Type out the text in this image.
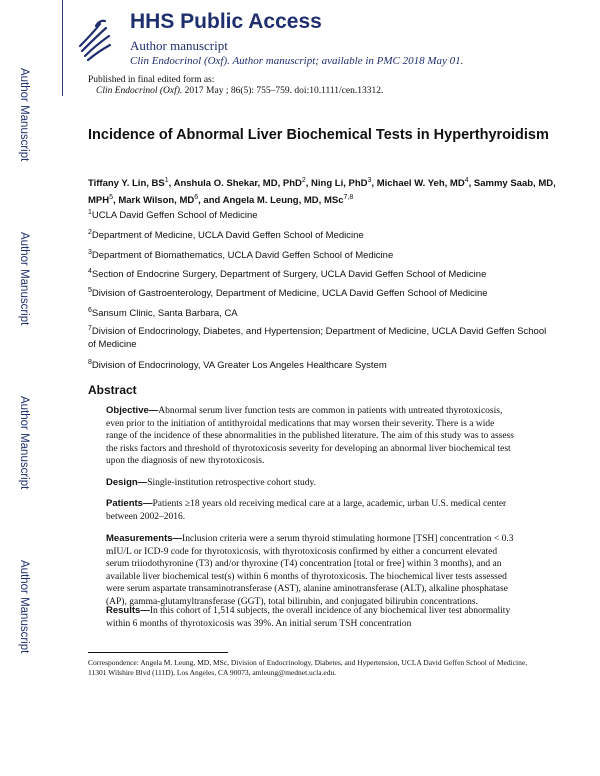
Author Manuscript
Author Manuscript
Author Manuscript
Author Manuscript
HHS Public Access
Author manuscript
Clin Endocrinol (Oxf). Author manuscript; available in PMC 2018 May 01.
Published in final edited form as:
Clin Endocrinol (Oxf). 2017 May ; 86(5): 755–759. doi:10.1111/cen.13312.
Incidence of Abnormal Liver Biochemical Tests in Hyperthyroidism
Tiffany Y. Lin, $BS^1$, Anshula O. Shekar, MD, PhD$^2$, Ning Li, PhD$^3$, Michael W. Yeh, $MD^4$, Sammy Saab, MD, MPH$^5$, Mark Wilson, $MD^6$, and Angela M. Leung, MD, MSc$^{7,8}$
$^1$UCLA David Geffen School of Medicine
$^2$Department of Medicine, UCLA David Geffen School of Medicine
$^3$Department of Biomathematics, UCLA David Geffen School of Medicine
$^4$Section of Endocrine Surgery, Department of Surgery, UCLA David Geffen School of Medicine
$^5$Division of Gastroenterology, Department of Medicine, UCLA David Geffen School of Medicine
$^6$Sansum Clinic, Santa Barbara, CA
$^7$Division of Endocrinology, Diabetes, and Hypertension; Department of Medicine, UCLA David Geffen School of Medicine
$^8$Division of Endocrinology, VA Greater Los Angeles Healthcare System
Abstract
Objective—Abnormal serum liver function tests are common in patients with untreated thyrotoxicosis, even prior to the initiation of antithyroidal medications that may worsen their severity. There is a wide range of the incidence of these abnormalities in the published literature. The aim of this study was to assess the risks factors and threshold of thyrotoxicosis severity for developing an abnormal liver biochemical test upon the diagnosis of new thyrotoxicosis.
Design—Single-institution retrospective cohort study.
Patients—Patients ≥18 years old receiving medical care at a large, academic, urban U.S. medical center between 2002–2016.
Measurements—Inclusion criteria were a serum thyroid stimulating hormone [TSH] concentration < 0.3 mIU/L or ICD-9 code for thyrotoxicosis, with thyrotoxicosis confirmed by either a concurrent elevated serum triiodothyronine (T3) and/or thyroxine (T4) concentration [total or free] within 3 months), and an available liver biochemical test(s) within 6 months of thyrotoxicosis. The biochemical liver tests assessed were serum aspartate transaminotransferase (AST), alanine aminotransferase (ALT), alkaline phosphatase (AP), gamma-glutamyltransferase (GGT), total bilirubin, and conjugated bilirubin concentrations.
Results—In this cohort of 1,514 subjects, the overall incidence of any biochemical liver test abnormality within 6 months of thyrotoxicosis was 39%. An initial serum TSH concentration
Correspondence: Angela M. Leung, MD, MSc, Division of Endocrinology, Diabetes, and Hypertension, UCLA David Geffen School of Medicine, 11301 Wilshire Blvd (111D), Los Angeles, CA 90073, amleung@mednet.ucla.edu.
